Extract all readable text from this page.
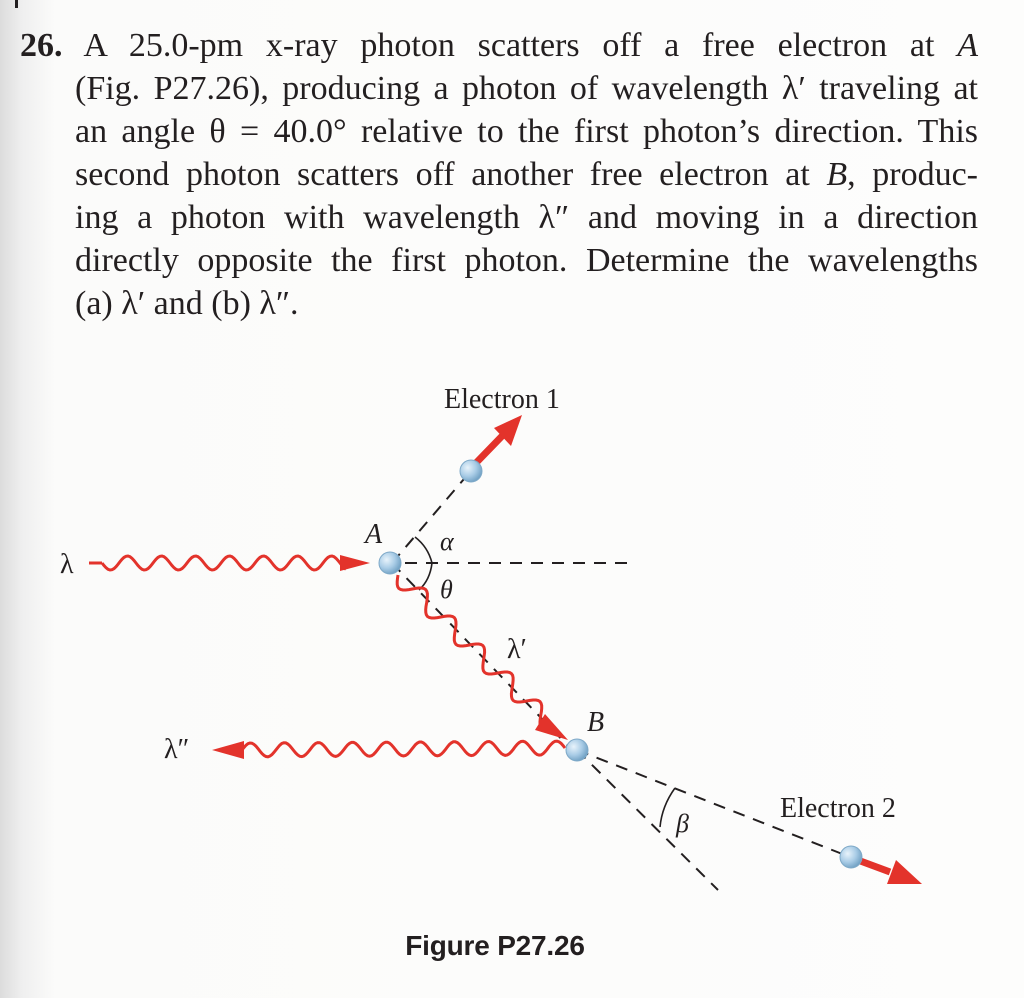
26. A 25.0-pm x-ray photon scatters off a free electron at A
(Fig. P27.26), producing a photon of wavelength λ′ traveling at
an angle θ = 40.0° relative to the first photon’s direction. This
second photon scatters off another free electron at B, produc-
ing a photon with wavelength λ″ and moving in a direction
directly opposite the first photon. Determine the wavelengths
(a) λ′ and (b) λ″.
Electron 1
Electron 2
λ
λ′
λ″
A
B
α
θ
β
Figure P27.26
